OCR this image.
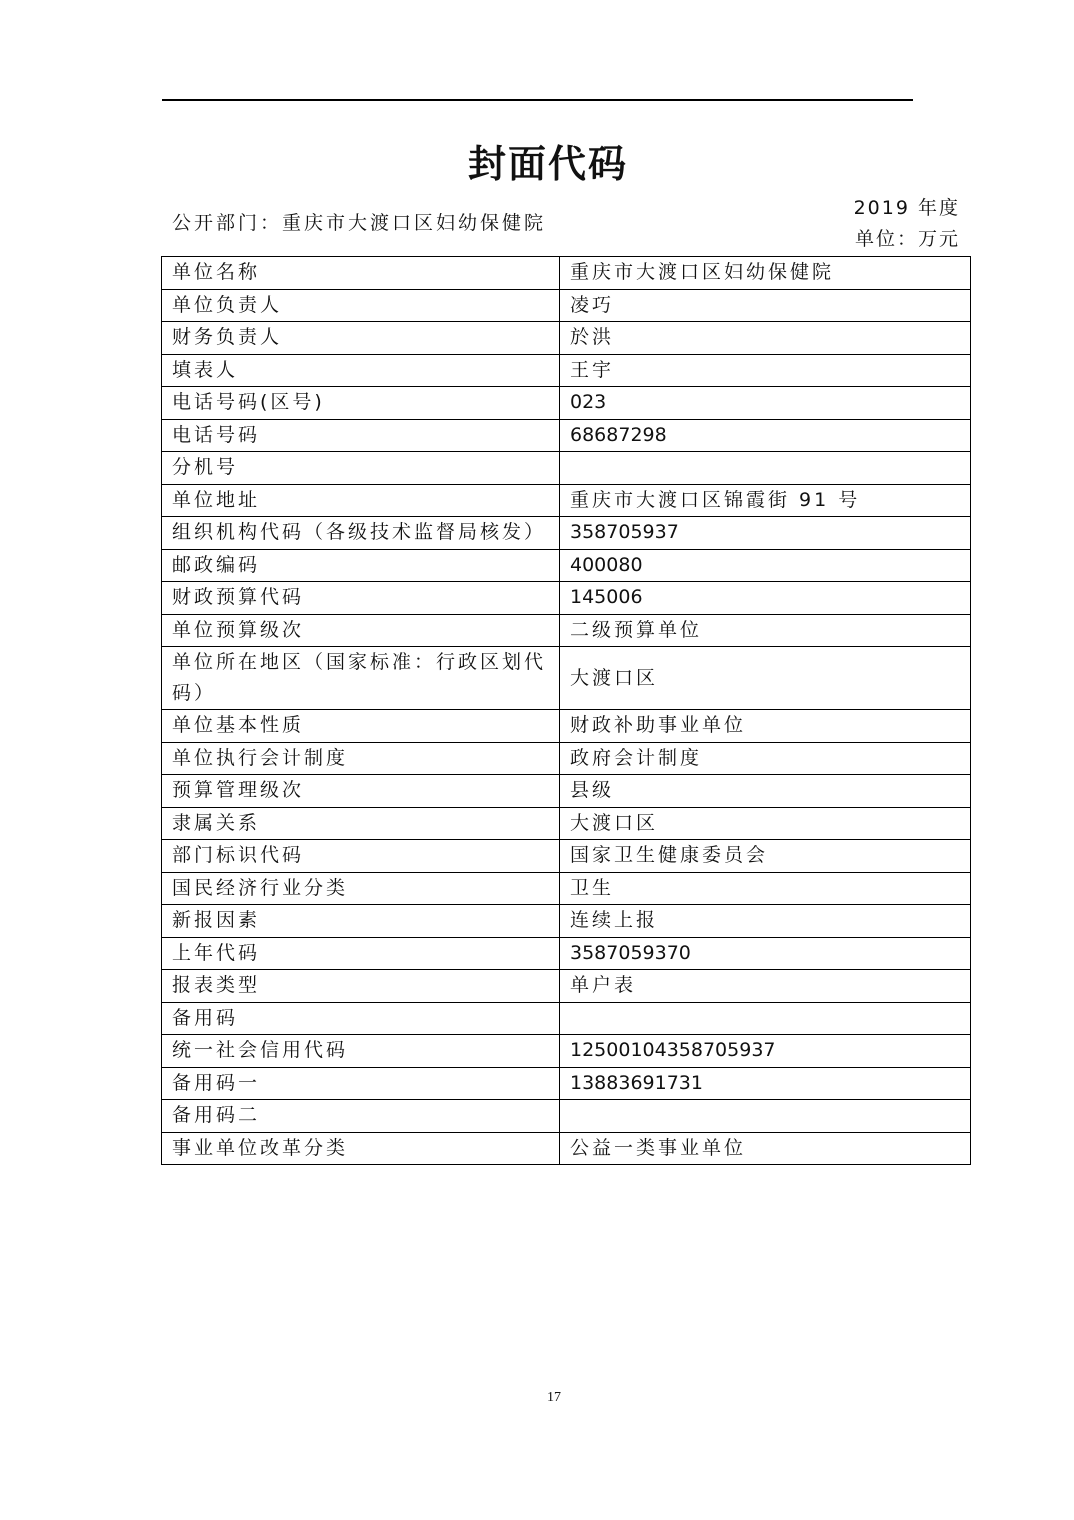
封面代码
公开部门：重庆市大渡口区妇幼保健院
2019 年度
单位：万元
单位名称	重庆市大渡口区妇幼保健院
单位负责人	凌巧
财务负责人	於洪
填表人	王宇
电话号码(区号)	023
电话号码	68687298
分机号	
单位地址	重庆市大渡口区锦霞街 91 号
组织机构代码（各级技术监督局核发）	358705937
邮政编码	400080
财政预算代码	145006
单位预算级次	二级预算单位
单位所在地区（国家标准：行政区划代码）	大渡口区
单位基本性质	财政补助事业单位
单位执行会计制度	政府会计制度
预算管理级次	县级
隶属关系	大渡口区
部门标识代码	国家卫生健康委员会
国民经济行业分类	卫生
新报因素	连续上报
上年代码	3587059370
报表类型	单户表
备用码	
统一社会信用代码	12500104358705937
备用码一	13883691731
备用码二	
事业单位改革分类	公益一类事业单位
17
